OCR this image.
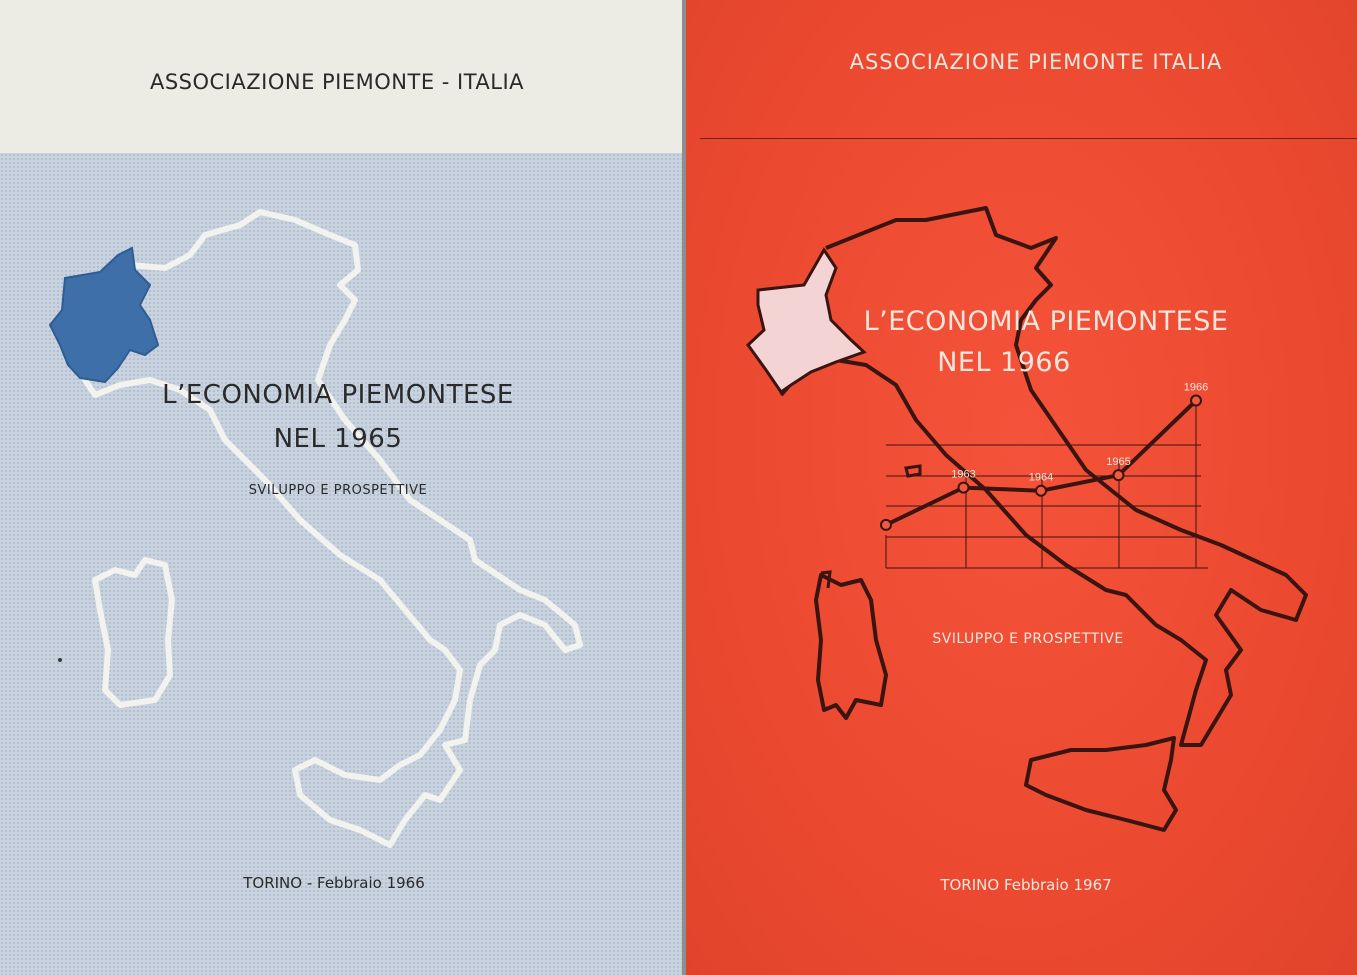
ASSOCIAZIONE PIEMONTE - ITALIA
L’ECONOMIA PIEMONTESE
NEL 1965
SVILUPPO E PROSPETTIVE
TORINO - Febbraio 1966
1963	1964
1965
1966
ASSOCIAZIONE PIEMONTE ITALIA
L’ECONOMIA PIEMONTESE
NEL 1966
SVILUPPO E PROSPETTIVE
TORINO Febbraio 1967
